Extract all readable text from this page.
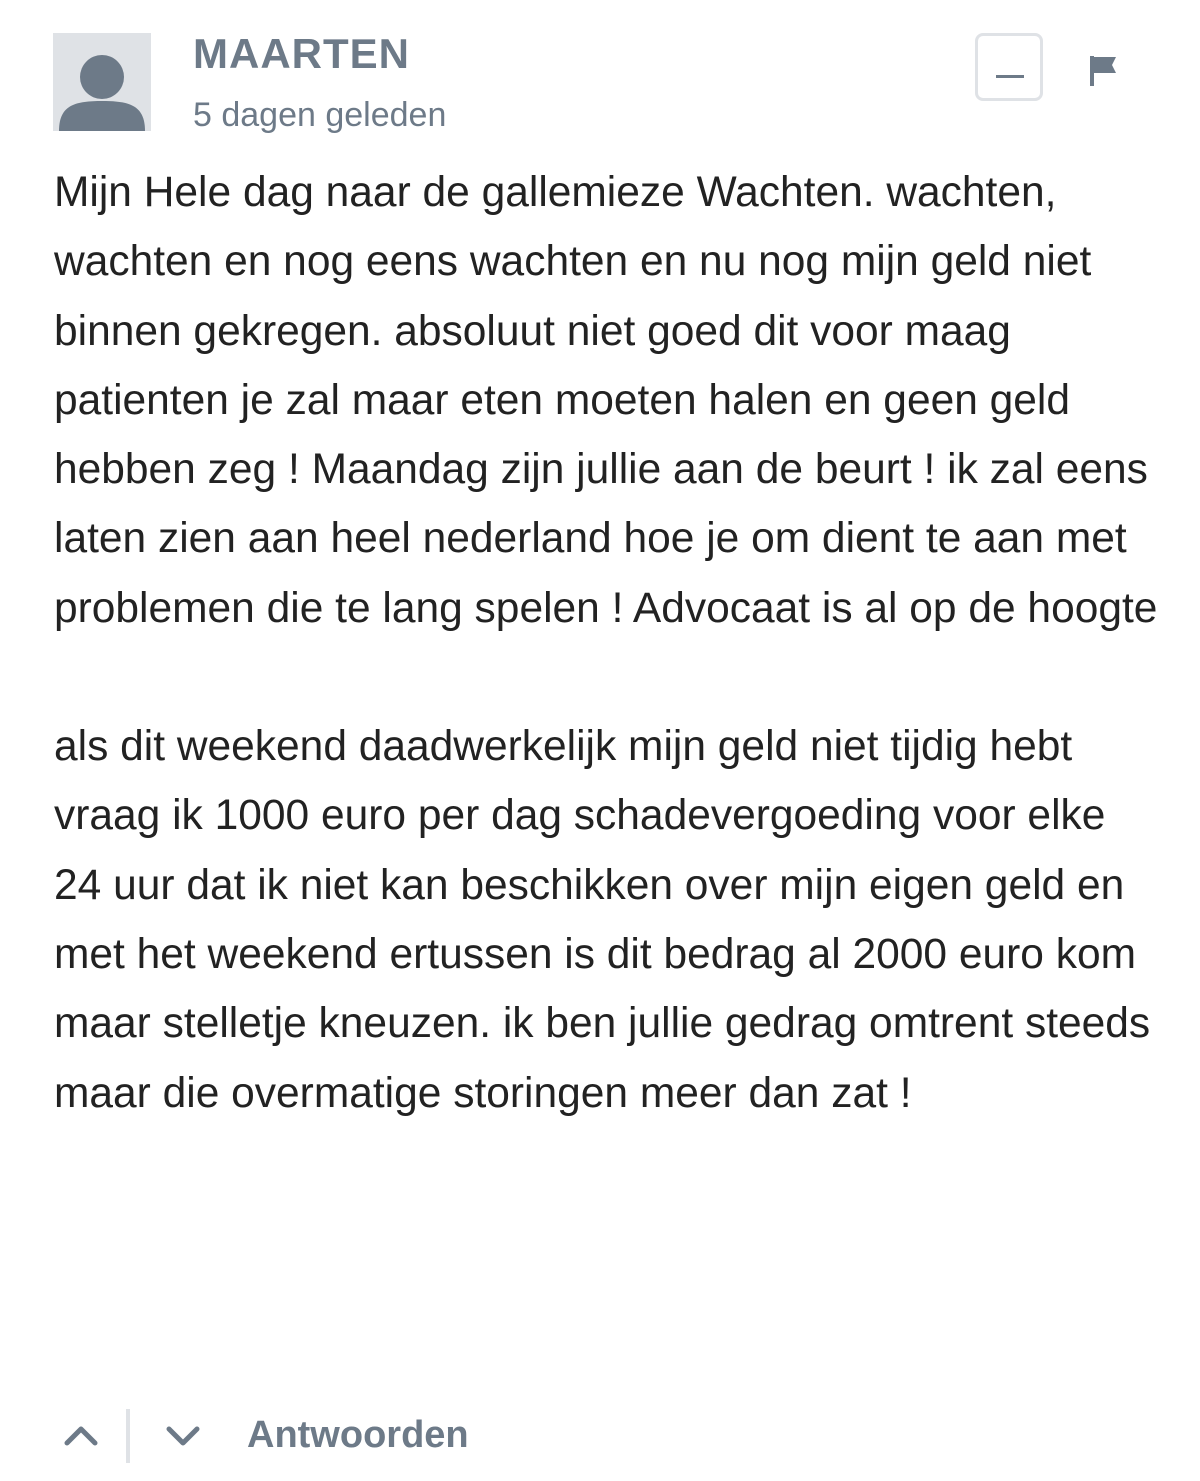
MAARTEN
5 dagen geleden

Mijn Hele dag naar de gallemieze Wachten. wachten, wachten en nog eens wachten en nu nog mijn geld niet binnen gekregen. absoluut niet goed dit voor maag patienten je zal maar eten moeten halen en geen geld hebben zeg ! Maandag zijn jullie aan de beurt ! ik zal eens laten zien aan heel nederland hoe je om dient te aan met problemen die te lang spelen ! Advocaat is al op de hoogte

als dit weekend daadwerkelijk mijn geld niet tijdig hebt vraag ik 1000 euro per dag schadevergoeding voor elke 24 uur dat ik niet kan beschikken over mijn eigen geld en met het weekend ertussen is dit bedrag al 2000 euro kom maar stelletje kneuzen. ik ben jullie gedrag omtrent steeds maar die overmatige storingen meer dan zat !

Antwoorden
